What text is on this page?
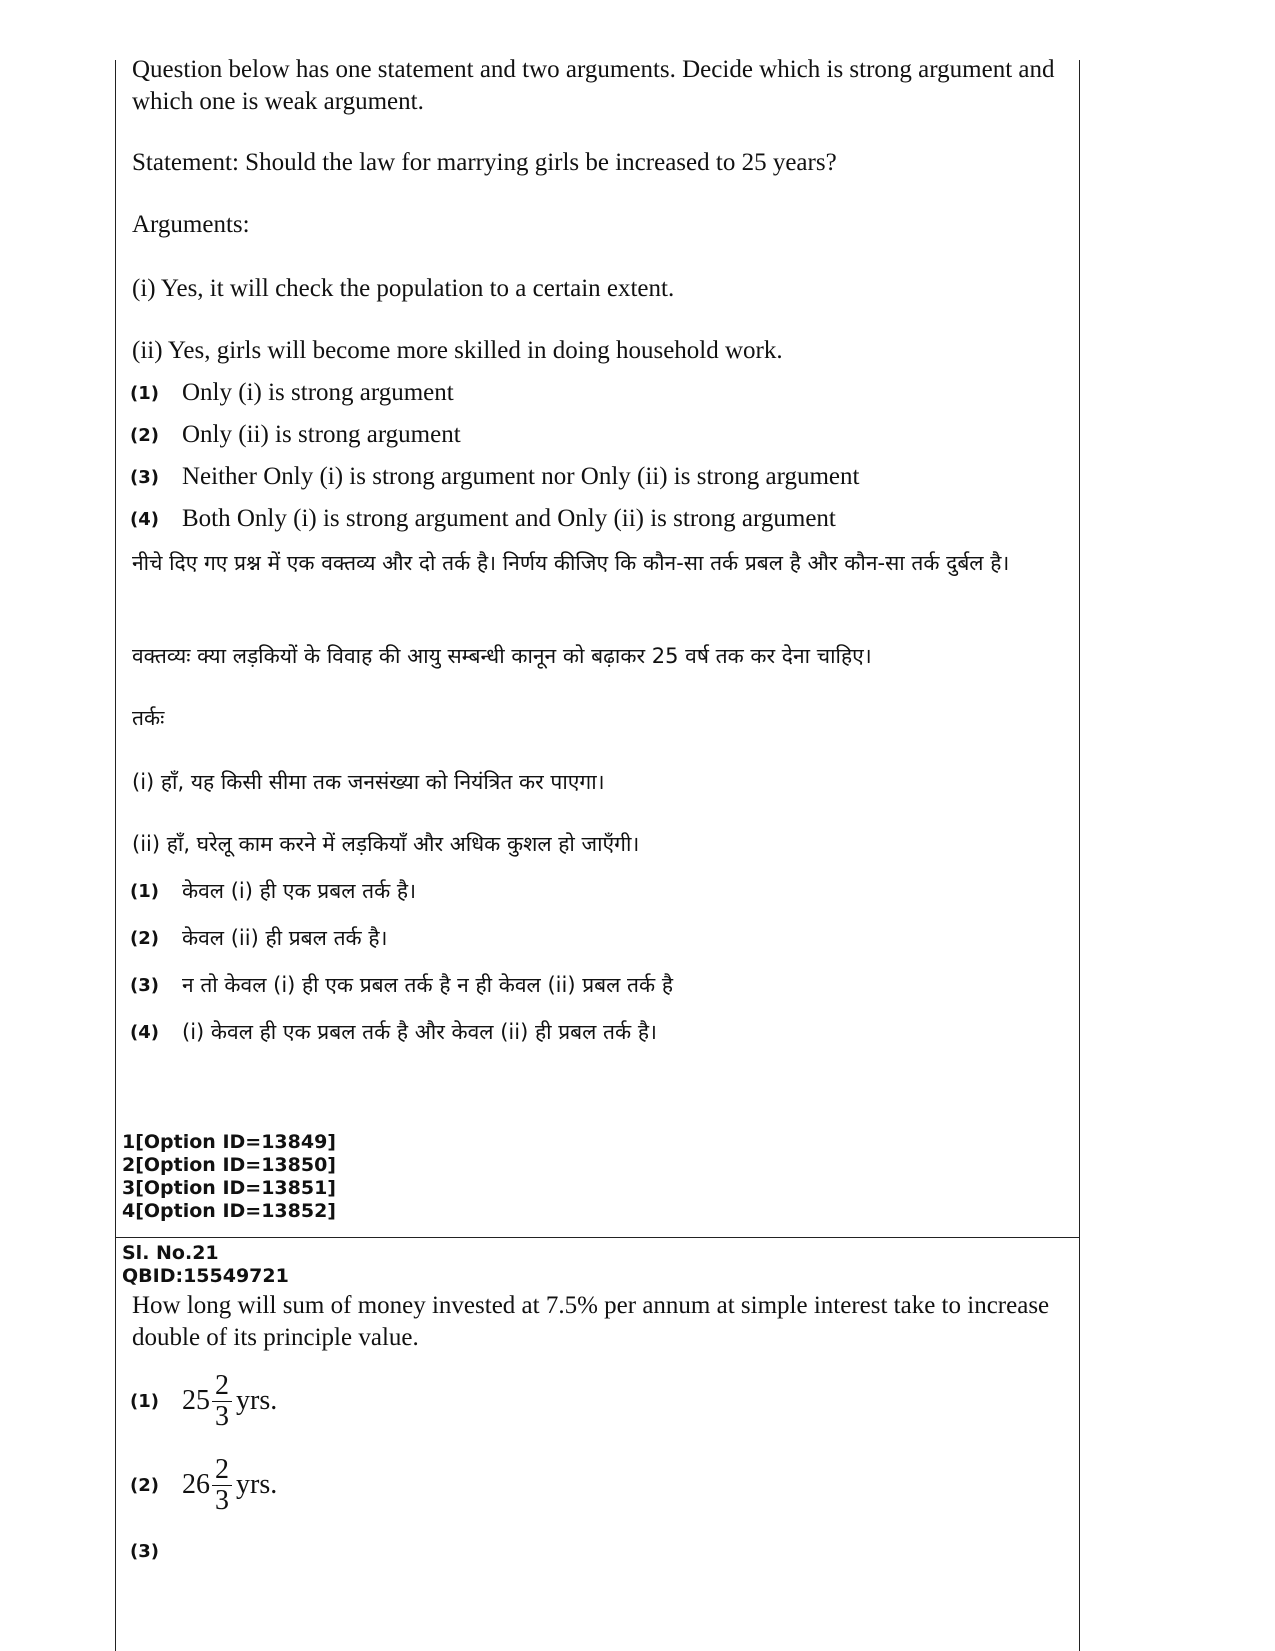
Question below has one statement and two arguments. Decide which is strong argument and which one is weak argument.

Statement: Should the law for marrying girls be increased to 25 years?

Arguments:

(i) Yes, it will check the population to a certain extent.

(ii) Yes, girls will become more skilled in doing household work.

(1) Only (i) is strong argument
(2) Only (ii) is strong argument
(3) Neither Only (i) is strong argument nor Only (ii) is strong argument
(4) Both Only (i) is strong argument and Only (ii) is strong argument

नीचे दिए गए प्रश्न में एक वक्तव्य और दो तर्क है। निर्णय कीजिए कि कौन-सा तर्क प्रबल है और कौन-सा तर्क दुर्बल है।

वक्तव्यः क्या लड़कियों के विवाह की आयु सम्बन्धी कानून को बढ़ाकर 25 वर्ष तक कर देना चाहिए।

तर्कः

(i) हाँ, यह किसी सीमा तक जनसंख्या को नियंत्रित कर पाएगा।

(ii) हाँ, घरेलू काम करने में लड़कियाँ और अधिक कुशल हो जाएँगी।

(1)	केवल (i) ही एक प्रबल तर्क है।
(2)	केवल (ii) ही प्रबल तर्क है।
(3)	न तो केवल (i) ही एक प्रबल तर्क है न ही केवल (ii) प्रबल तर्क है
(4)	(i) केवल ही एक प्रबल तर्क है और केवल (ii) ही प्रबल तर्क है।
1[Option ID=13849]
2[Option ID=13850]
3[Option ID=13851]
4[Option ID=13852]
Sl. No.21
QBID:15549721

How long will sum of money invested at 7.5% per annum at simple interest take to increase double of its principle value.

(1) $25 \frac{2}{3}$ yrs.
(2) $26 \frac{2}{3}$ yrs.
(3)
